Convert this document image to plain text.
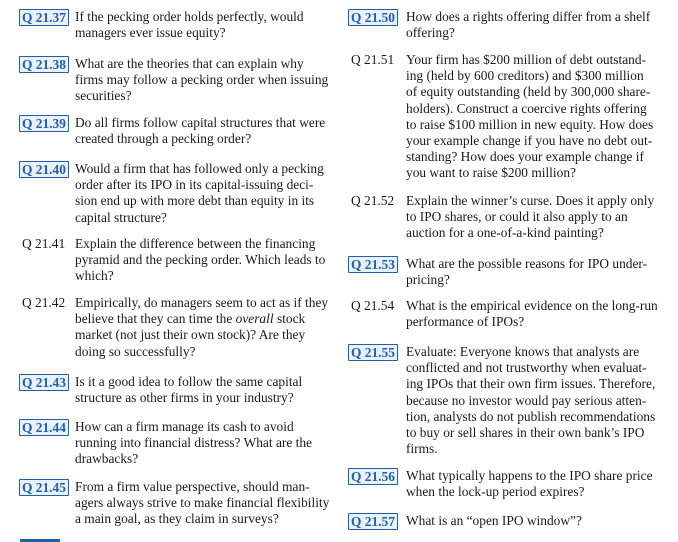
Q 21.37 If the pecking order holds perfectly, would
managers ever issue equity?
Q 21.38 What are the theories that can explain why
firms may follow a pecking order when issuing
securities?
Q 21.39 Do all firms follow capital structures that were
created through a pecking order?
Q 21.40 Would a firm that has followed only a pecking
order after its IPO in its capital-issuing deci-
sion end up with more debt than equity in its
capital structure?
Q 21.41 Explain the difference between the financing
pyramid and the pecking order. Which leads to
which?
Q 21.42 Empirically, do managers seem to act as if they
believe that they can time the overall stock
market (not just their own stock)? Are they
doing so successfully?
Q 21.43 Is it a good idea to follow the same capital
structure as other firms in your industry?
Q 21.44 How can a firm manage its cash to avoid
running into financial distress? What are the
drawbacks?
Q 21.45 From a firm value perspective, should man-
agers always strive to make financial flexibility
a main goal, as they claim in surveys?
Q 21.50 How does a rights offering differ from a shelf
offering?
Q 21.51 Your firm has $200 million of debt outstand-
ing (held by 600 creditors) and $300 million
of equity outstanding (held by 300,000 share-
holders). Construct a coercive rights offering
to raise $100 million in new equity. How does
your example change if you have no debt out-
standing? How does your example change if
you want to raise $200 million?
Q 21.52 Explain the winner’s curse. Does it apply only
to IPO shares, or could it also apply to an
auction for a one-of-a-kind painting?
Q 21.53 What are the possible reasons for IPO under-
pricing?
Q 21.54 What is the empirical evidence on the long-run
performance of IPOs?
Q 21.55 Evaluate: Everyone knows that analysts are
conflicted and not trustworthy when evaluat-
ing IPOs that their own firm issues. Therefore,
because no investor would pay serious atten-
tion, analysts do not publish recommendations
to buy or sell shares in their own bank’s IPO
firms.
Q 21.56 What typically happens to the IPO share price
when the lock-up period expires?
Q 21.57 What is an “open IPO window”?
